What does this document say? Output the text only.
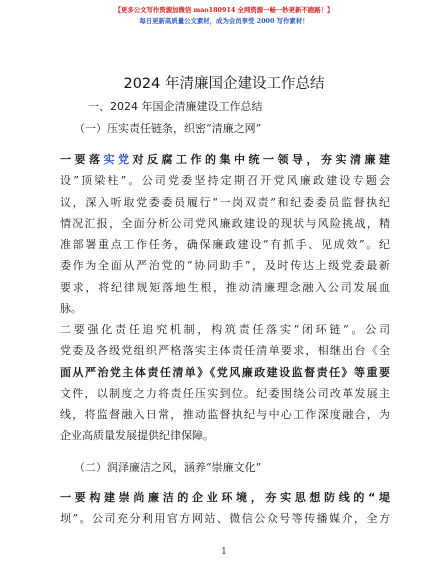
【更多公文写作资源加微信 mao180914 全网资源一畅一秒更新不跑路！】
每日更新高质量公文素材，成为会员享受 2000 写作素材！
2024 年清廉国企建设工作总结
一、2024 年国企清廉建设工作总结
（一）压实责任链条，织密“清廉之网”
一要落实党对反腐工作的集中统一领导，夯实清廉建
设”顶梁柱”。公司党委坚持定期召开党风廉政建设专题会
议，深入听取党委委员履行“一岗双责”和纪委委员监督执纪
情况汇报，全面分析公司党风廉政建设的现状与风险挑战，精
准部署重点工作任务，确保廉政建设“有抓手、见成效”。纪
委作为全面从严治党的“协同助手”，及时传达上级党委最新
要求，将纪律规矩落地生根，推动清廉理念融入公司发展血
脉。
二要强化责任追究机制，构筑责任落实“闭环链”。公司
党委及各级党组织严格落实主体责任清单要求，相继出台《全
面从严治党主体责任清单》《党风廉政建设监督责任》等重要
文件，以制度之力将责任压实到位。纪委围绕公司改革发展主
线，将监督融入日常，推动监督执纪与中心工作深度融合，为
企业高质量发展提供纪律保障。
（二）润泽廉洁之风，涵养“崇廉文化”
一要构建崇尚廉洁的企业环境，夯实思想防线的“堤
坝”。公司充分利用官方网站、微信公众号等传播媒介，全方
1
